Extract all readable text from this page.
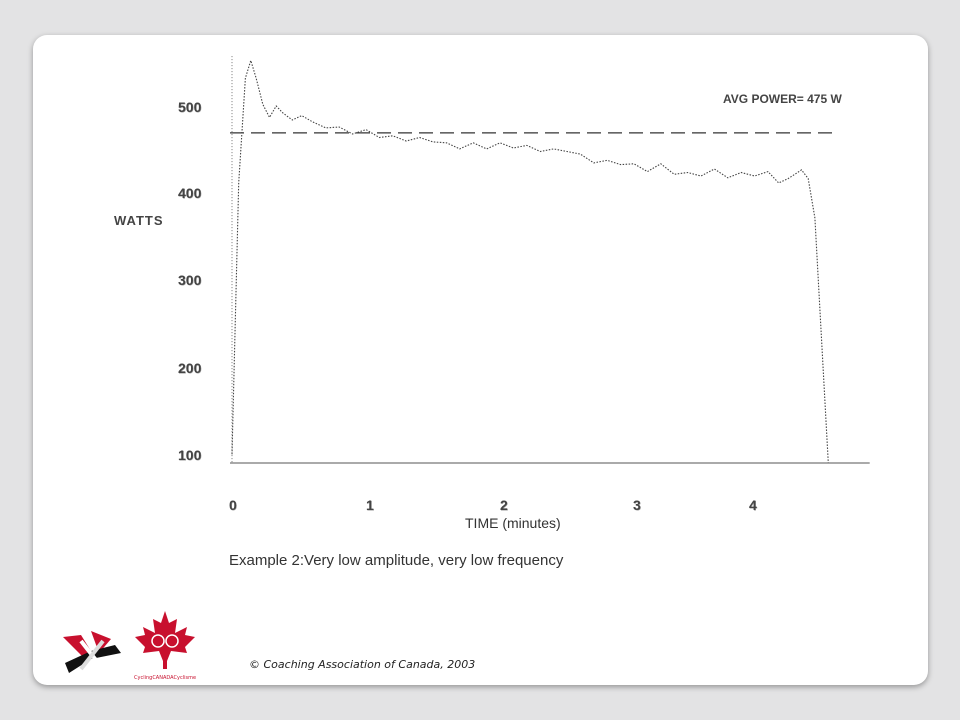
500
400
300
200
100
WATTS
0	1	2	3	4
TIME (minutes)
AVG POWER= 475 W
Example 2:Very low amplitude, very low frequency
CyclingCANADACyclisme
© Coaching Association of Canada, 2003
